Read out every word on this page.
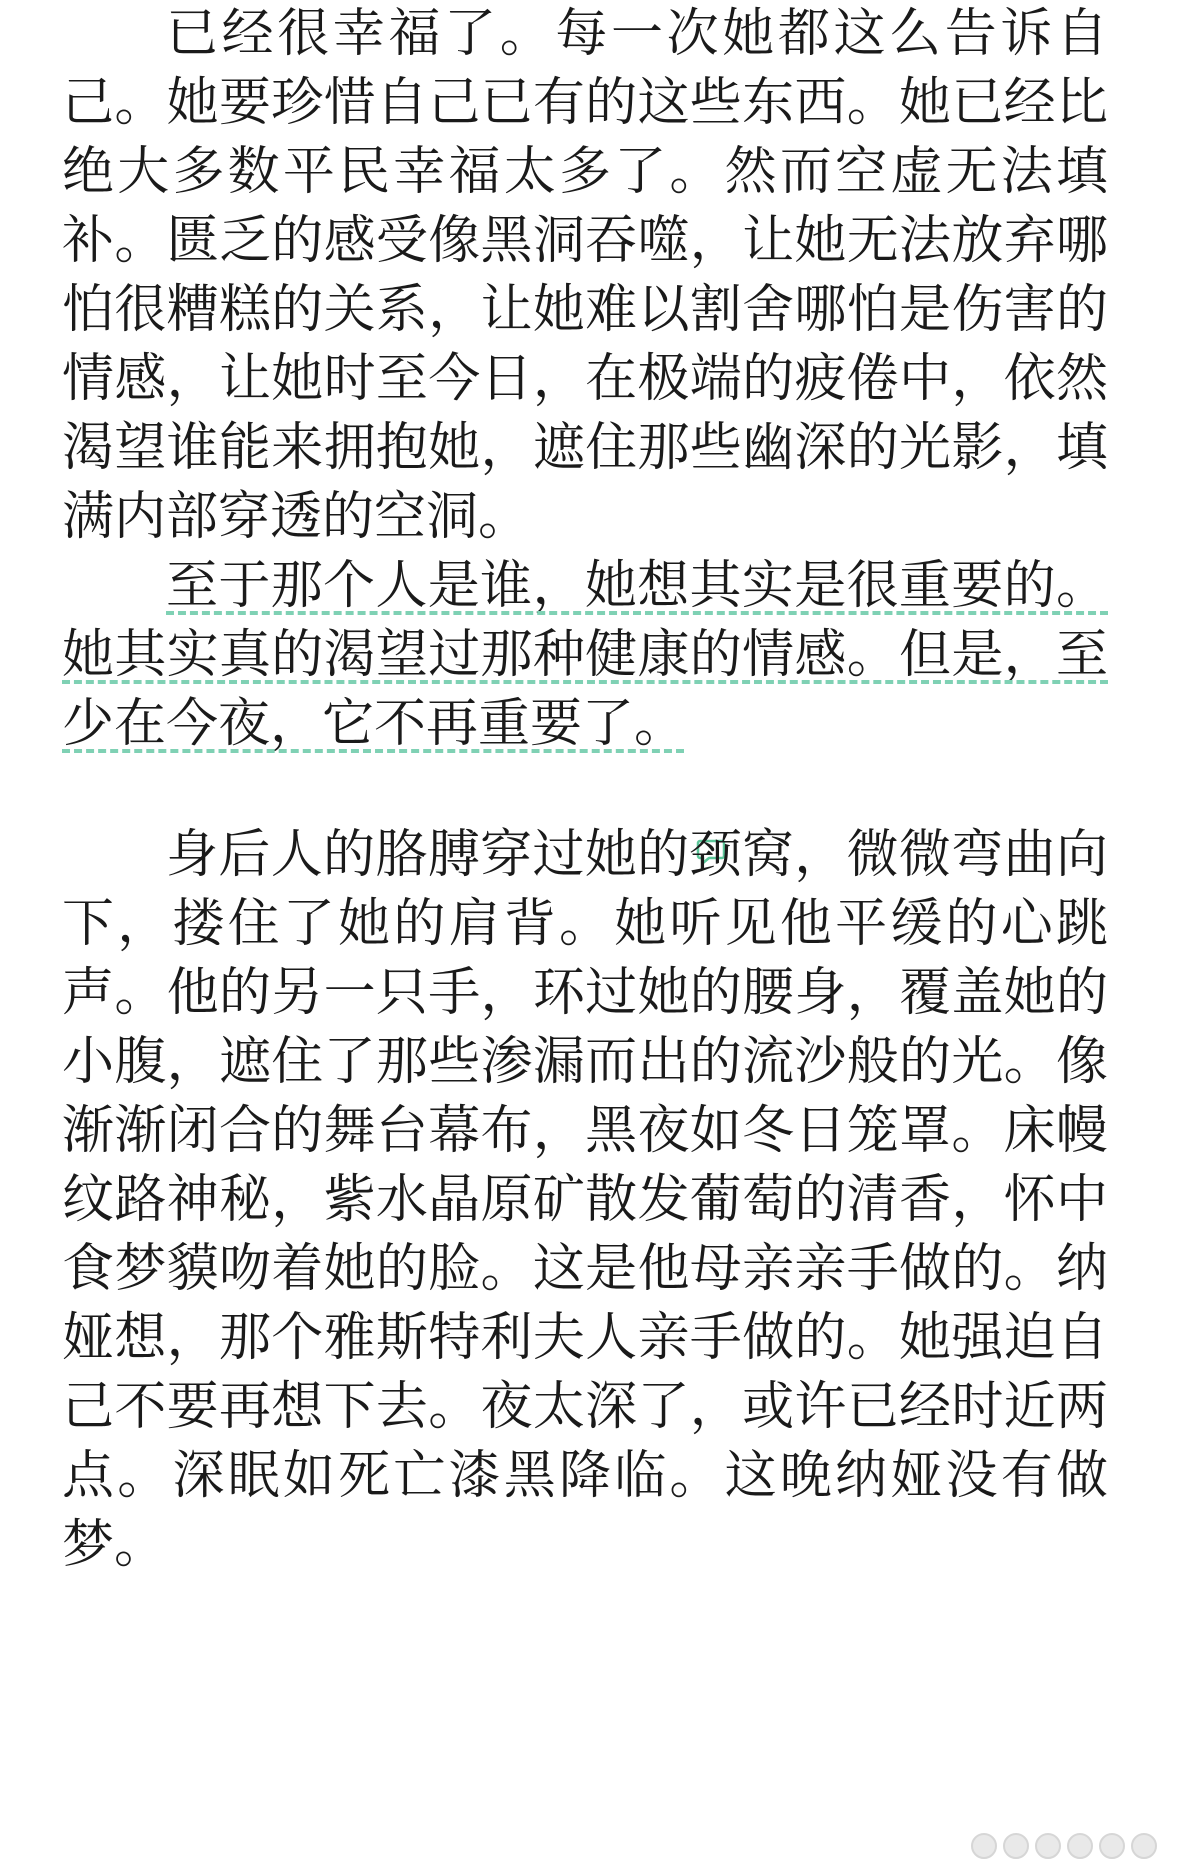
已经很幸福了。每一次她都这么告诉自
己。她要珍惜自己已有的这些东西。她已经比
绝大多数平民幸福太多了。然而空虚无法填
补。匮乏的感受像黑洞吞噬，让她无法放弃哪
怕很糟糕的关系，让她难以割舍哪怕是伤害的
情感，让她时至今日，在极端的疲倦中，依然
渴望谁能来拥抱她，遮住那些幽深的光影，填
满内部穿透的空洞。
至于那个人是谁，她想其实是很重要的。
她其实真的渴望过那种健康的情感。但是，至
少在今夜，它不再重要了。
身后人的胳膊穿过她的颈窝，微微弯曲向
下，搂住了她的肩背。她听见他平缓的心跳
声。他的另一只手，环过她的腰身，覆盖她的
小腹，遮住了那些渗漏而出的流沙般的光。像
渐渐闭合的舞台幕布，黑夜如冬日笼罩。床幔
纹路神秘，紫水晶原矿散发葡萄的清香，怀中
食梦貘吻着她的脸。这是他母亲亲手做的。纳
娅想，那个雅斯特利夫人亲手做的。她强迫自
己不要再想下去。夜太深了，或许已经时近两
点。深眠如死亡漆黑降临。这晚纳娅没有做
梦。
